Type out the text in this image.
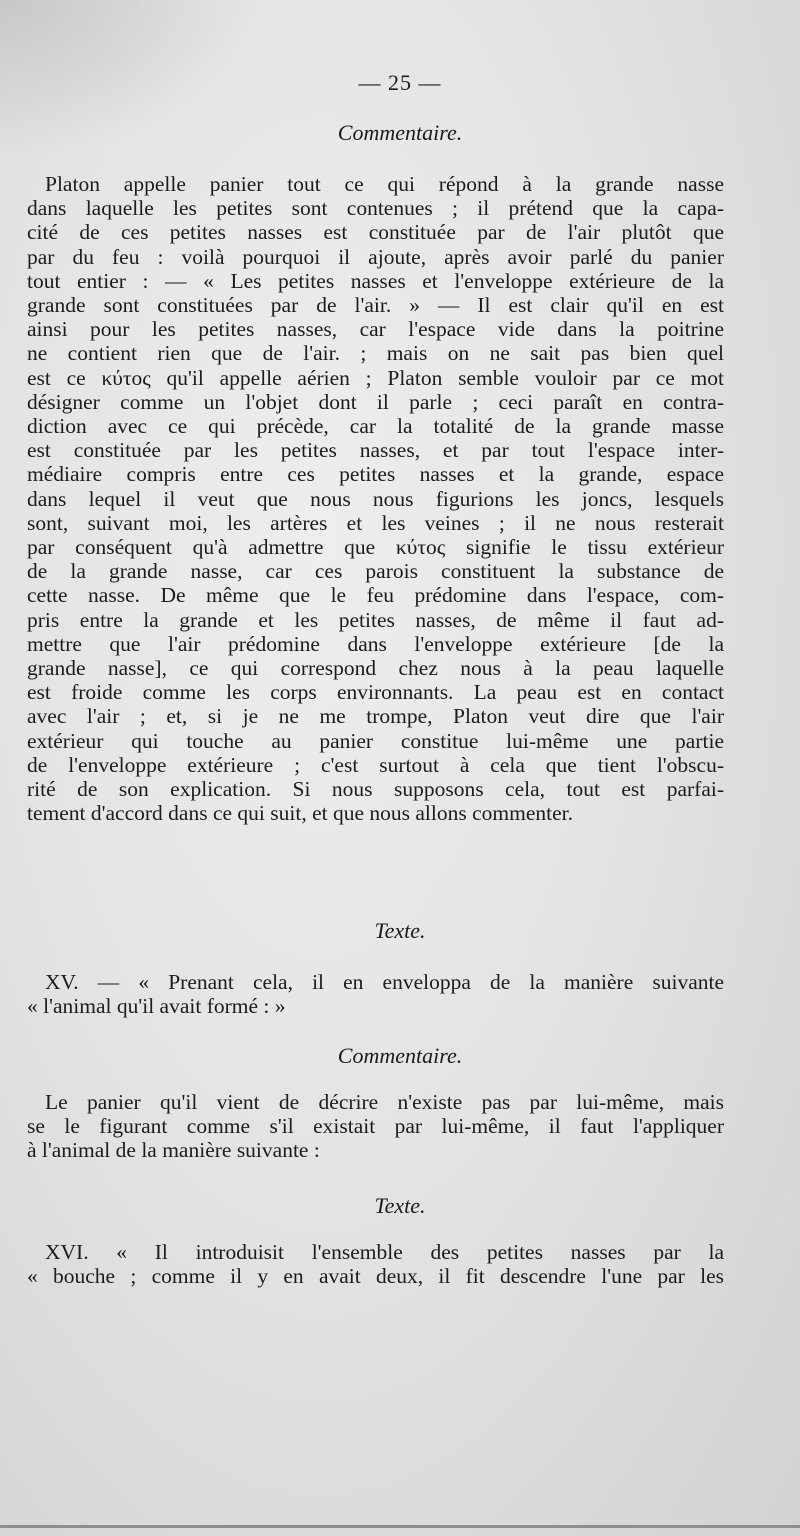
— 25 —
Commentaire.
Platon appelle panier tout ce qui répond à la grande nasse
dans laquelle les petites sont contenues ; il prétend que la capa-
cité de ces petites nasses est constituée par de l'air plutôt que
par du feu : voilà pourquoi il ajoute, après avoir parlé du panier
tout entier : — « Les petites nasses et l'enveloppe extérieure de la
grande sont constituées par de l'air. » — Il est clair qu'il en est
ainsi pour les petites nasses, car l'espace vide dans la poitrine
ne contient rien que de l'air. ; mais on ne sait pas bien quel
est ce κύτος qu'il appelle aérien ; Platon semble vouloir par ce mot
désigner comme un l'objet dont il parle ; ceci paraît en contra-
diction avec ce qui précède, car la totalité de la grande masse
est constituée par les petites nasses, et par tout l'espace inter-
médiaire compris entre ces petites nasses et la grande, espace
dans lequel il veut que nous nous figurions les joncs, lesquels
sont, suivant moi, les artères et les veines ; il ne nous resterait
par conséquent qu'à admettre que κύτος signifie le tissu extérieur
de la grande nasse, car ces parois constituent la substance de
cette nasse. De même que le feu prédomine dans l'espace, com-
pris entre la grande et les petites nasses, de même il faut ad-
mettre que l'air prédomine dans l'enveloppe extérieure [de la
grande nasse], ce qui correspond chez nous à la peau laquelle
est froide comme les corps environnants. La peau est en contact
avec l'air ; et, si je ne me trompe, Platon veut dire que l'air
extérieur qui touche au panier constitue lui-même une partie
de l'enveloppe extérieure ; c'est surtout à cela que tient l'obscu-
rité de son explication. Si nous supposons cela, tout est parfai-
tement d'accord dans ce qui suit, et que nous allons commenter.
Texte.
XV. — « Prenant cela, il en enveloppa de la manière suivante
« l'animal qu'il avait formé : »
Commentaire.
Le panier qu'il vient de décrire n'existe pas par lui-même, mais
se le figurant comme s'il existait par lui-même, il faut l'appliquer
à l'animal de la manière suivante :
Texte.
XVI. « Il introduisit l'ensemble des petites nasses par la
« bouche ; comme il y en avait deux, il fit descendre l'une par les
